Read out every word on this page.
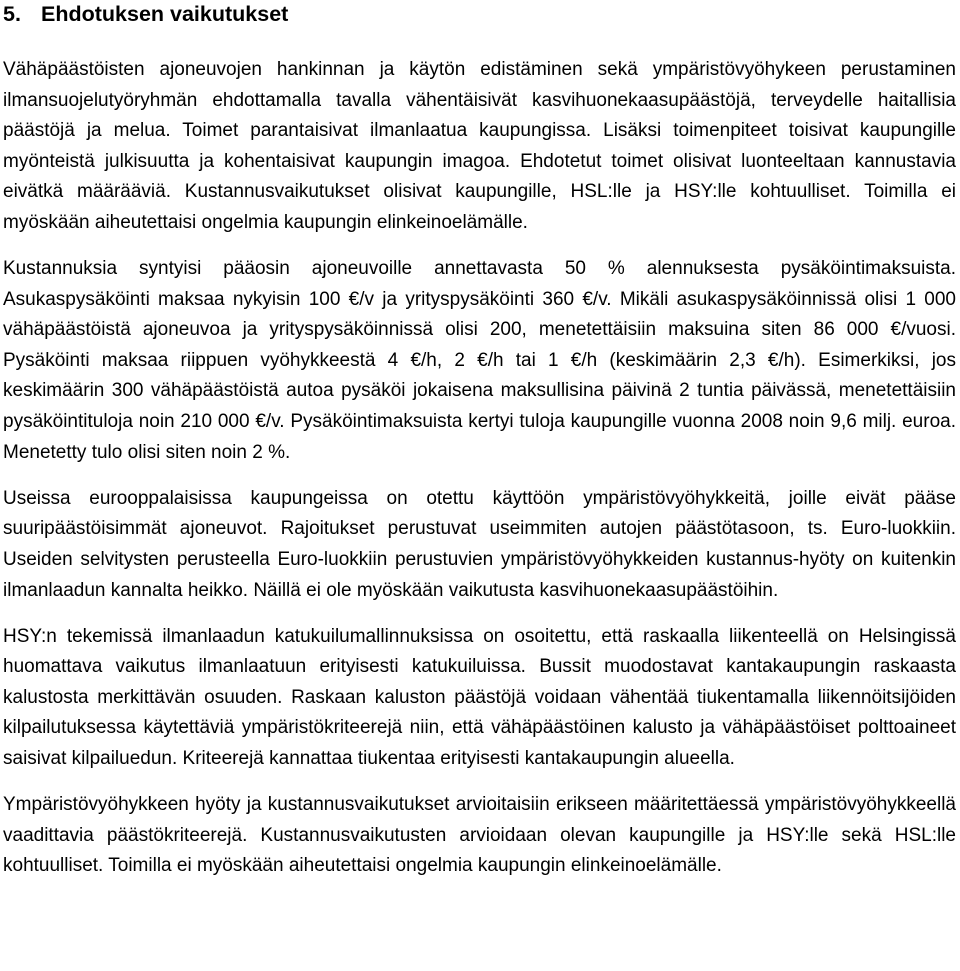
5. Ehdotuksen vaikutukset

Vähäpäästöisten ajoneuvojen hankinnan ja käytön edistäminen sekä ympäristövyöhykeen perustaminen ilmansuojelutyöryhmän ehdottamalla tavalla vähentäisivät kasvihuonekaasupäästöjä, terveydelle haitallisia päästöjä ja melua. Toimet parantaisivat ilmanlaatua kaupungissa. Lisäksi toimenpiteet toisivat kaupungille myönteistä julkisuutta ja kohentaisivat kaupungin imagoa. Ehdotetut toimet olisivat luonteeltaan kannustavia eivätkä määrääviä. Kustannusvaikutukset olisivat kaupungille, HSL:lle ja HSY:lle kohtuulliset. Toimilla ei myöskään aiheutettaisi ongelmia kaupungin elinkeinoelämälle.

Kustannuksia syntyisi pääosin ajoneuvoille annettavasta 50 % alennuksesta pysäköintimaksuista. Asukaspysäköinti maksaa nykyisin 100 €/v ja yrityspysäköinti 360 €/v. Mikäli asukaspysäköinnissä olisi 1 000 vähäpäästöistä ajoneuvoa ja yrityspysäköinnissä olisi 200, menetettäisiin maksuina siten 86 000 €/vuosi. Pysäköinti maksaa riippuen vyöhykkeestä 4 €/h, 2 €/h tai 1 €/h (keskimäärin 2,3 €/h). Esimerkiksi, jos keskimäärin 300 vähäpäästöistä autoa pysäköi jokaisena maksullisina päivinä 2 tuntia päivässä, menetettäisiin pysäköintituloja noin 210 000 €/v. Pysäköintimaksuista kertyi tuloja kaupungille vuonna 2008 noin 9,6 milj. euroa. Menetetty tulo olisi siten noin 2 %.

Useissa eurooppalaisissa kaupungeissa on otettu käyttöön ympäristövyöhykkeitä, joille eivät pääse suuripäästöisimmät ajoneuvot. Rajoitukset perustuvat useimmiten autojen päästötasoon, ts. Euro-luokkiin. Useiden selvitysten perusteella Euro-luokkiin perustuvien ympäristövyöhykkeiden kustannus-hyöty on kuitenkin ilmanlaadun kannalta heikko. Näillä ei ole myöskään vaikutusta kasvihuonekaasupäästöihin.

HSY:n tekemissä ilmanlaadun katukuilumallinnuksissa on osoitettu, että raskaalla liikenteellä on Helsingissä huomattava vaikutus ilmanlaatuun erityisesti katukuiluissa. Bussit muodostavat kantakaupungin raskaasta kalustosta merkittävän osuuden. Raskaan kaluston päästöjä voidaan vähentää tiukentamalla liikennöitsijöiden kilpailutuksessa käytettäviä ympäristökriteerejä niin, että vähäpäästöinen kalusto ja vähäpäästöiset polttoaineet saisivat kilpailuedun. Kriteerejä kannattaa tiukentaa erityisesti kantakaupungin alueella.

Ympäristövyöhykkeen hyöty ja kustannusvaikutukset arvioitaisiin erikseen määritettäessä ympäristövyöhykkeellä vaadittavia päästökriteerejä. Kustannusvaikutusten arvioidaan olevan kaupungille ja HSY:lle sekä HSL:lle kohtuulliset. Toimilla ei myöskään aiheutettaisi ongelmia kaupungin elinkeinoelämälle.
